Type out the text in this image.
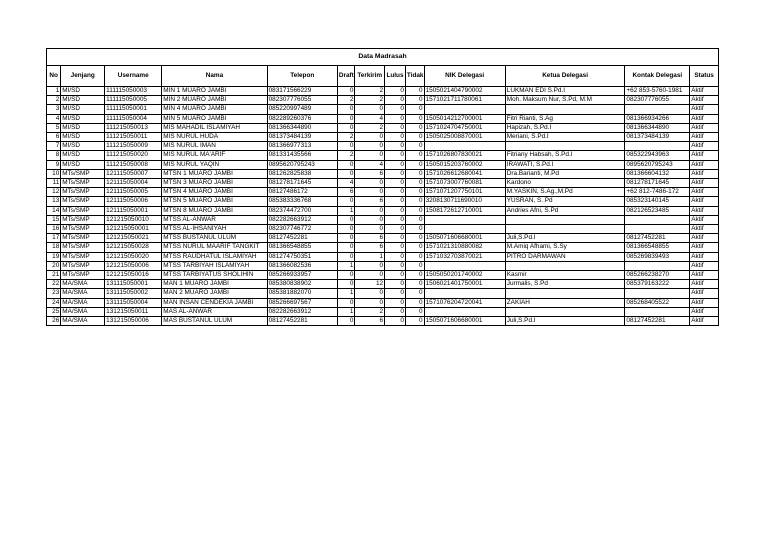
Data Madrasah												
No	Jenjang	Username	Nama	Telepon	Draft	Terkirim	Lulus	Tidak	NIK Delegasi	Ketua Delegasi	Kontak Delegasi	Status
1	MI/SD	111115050003	MIN 1 MUARO JAMBI	083171566229	0	2	0	0	1505021404790002	LUKMAN EDI S.Pd.I	+62 853-5760-1981	Aktif
2	MI/SD	111115050005	MIN 2 MUARO JAMBI	082307776055	2	2	0	0	1571021711780061	Moh. Maksum Nur, S.Pd, M.M	082307776055	Aktif
3	MI/SD	111115050001	MIN 4 MUARO JAMBI	085220997489	0	0	0	0				Aktif
4	MI/SD	111115050004	MIN 5 MUARO JAMBI	082289260376	0	4	0	0	1505014212700001	Fitri Rianti, S.Ag	081366934266	Aktif
5	MI/SD	111215050013	MIS MAHADIL ISLAMIYAH	081366344890	0	2	0	0	1571024704750001	Hapizah, S.Pd.I	081366344890	Aktif
6	MI/SD	111215050011	MIS NURUL HUDA	081373484139	2	0	0	0	1505025008870001	Meriani, S.Pd.I	081373484139	Aktif
7	MI/SD	111215050009	MIS NURUL IMAN	081366977313	0	0	0	0				Aktif
8	MI/SD	111215050020	MIS NURUL MA'ARIF	081331435566	2	0	0	0	1571026807830021	Fitriany Habsah, S.Pd.I	085322943963	Aktif
9	MI/SD	111215050008	MIS NURUL YAQIN	0895620795243	0	4	0	0	1505015203760002	IRAWATI, S.Pd.I	0895620795243	Aktif
10	MTs/SMP	121115050007	MTSN 1 MUARO JAMBI	081262825838	0	6	0	0	1571026612680041	Dra.Barianti, M.Pd	081366604132	Aktif
11	MTs/SMP	121115050004	MTSN 3 MUARO JAMBI	081278171645	4	0	0	0	1571073007760081	Kardono	081278171645	Aktif
12	MTs/SMP	121115050005	MTSN 4 MUARO JAMBI	08127486172	6	0	0	0	1571071207750101	M.YASKIN, S.Ag.,M.Pd	+62 812-7486-172	Aktif
13	MTs/SMP	121115050006	MTSN 5 MUARO JAMBI	085383336768	0	6	0	0	3208130711690010	YUSRAN, S. Pd	085323140145	Aktif
14	MTs/SMP	121115050001	MTSN 8 MUARO JAMBI	082374472700	1	0	0	0	1508172612710001	Andries Afni, S.Pd	082126523485	Aktif
15	MTs/SMP	121215050010	MTSS AL-ANWAR	082282663912	0	0	0	0				Aktif
16	MTs/SMP	121215050001	MTSS AL-IHSANIYAH	082307746772	0	0	0	0				Aktif
17	MTs/SMP	121215050021	MTSS BUSTANUL ULUM	08127452281	0	6	0	0	1505071606680001	Juli,S.Pd.I	08127452281	Aktif
18	MTs/SMP	121215050028	MTSS NURUL MAARIF TANGKIT	081366548855	0	6	0	0	1571021310880082	M.Amiq Afhami, S.Sy	081366548855	Aktif
19	MTs/SMP	121215050020	MTSS RAUDHATUL ISLAMIYAH	081274750351	0	1	0	0	1571032703870021	PITRO DARMAWAN	085269839493	Aktif
20	MTs/SMP	121215050006	MTSS TARBIYAH ISLAMIYAH	081366082536	1	0	0	0				Aktif
21	MTs/SMP	121215050016	MTSS TARBIYATUS SHOLIHIN	085266933957	0	0	0	0	1505050201740002	Kasmir	085266238270	Aktif
22	MA/SMA	131115050001	MAN 1 MUARO JAMBI	085380838902	0	12	0	0	1506021401750001	Jurmalis, S.Pd	085379163222	Aktif
23	MA/SMA	131115050002	MAN 2 MUARO JAMBI	085381882070	1	0	0	0				Aktif
24	MA/SMA	131115050004	MAN INSAN CENDEKIA JAMBI	085266697567	0	0	0	0	1571076204720041	ZAKIAH	085268405522	Aktif
25	MA/SMA	131215050011	MAS AL-ANWAR	082282663912	1	2	0	0				Aktif
26	MA/SMA	131215050006	MAS BUSTANUL ULUM	08127452281	0	6	0	0	1505071606680001	Juli,S.Pd.I	08127452281	Aktif
